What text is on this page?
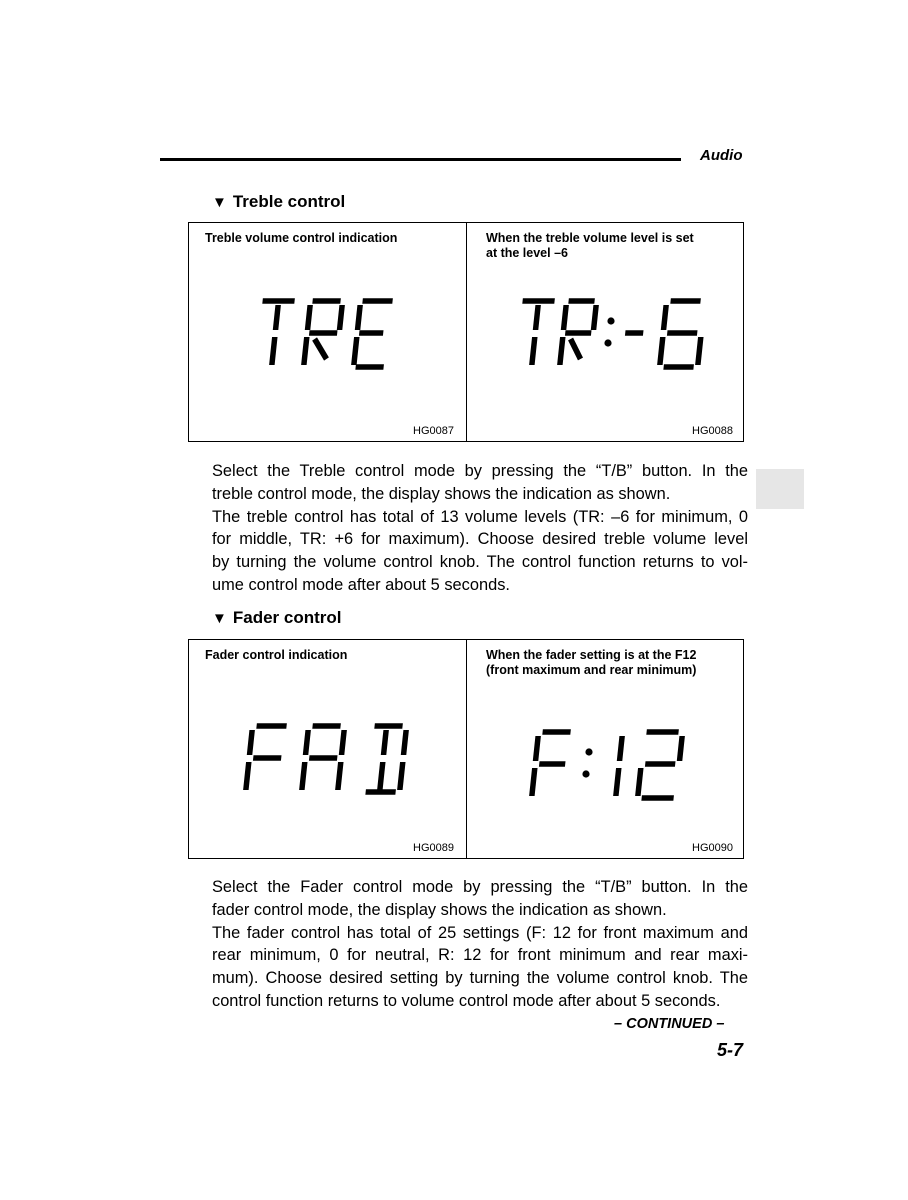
Audio
▼ Treble control
Treble volume control indication
HG0087
When the treble volume level is set
at the level –6
HG0088
Select the Treble control mode by pressing the “T/B” button. In the
treble control mode, the display shows the indication as shown.
The treble control has total of 13 volume levels (TR: –6 for minimum, 0
for middle, TR: +6 for maximum). Choose desired treble volume level
by turning the volume control knob. The control function returns to vol-
ume control mode after about 5 seconds.
▼ Fader control
Fader control indication
HG0089
When the fader setting is at the F12
(front maximum and rear minimum)
HG0090
Select the Fader control mode by pressing the “T/B” button. In the
fader control mode, the display shows the indication as shown.
The fader control has total of 25 settings (F: 12 for front maximum and
rear minimum, 0 for neutral, R: 12 for front minimum and rear maxi-
mum). Choose desired setting by turning the volume control knob. The
control function returns to volume control mode after about 5 seconds.
– CONTINUED –
5-7
